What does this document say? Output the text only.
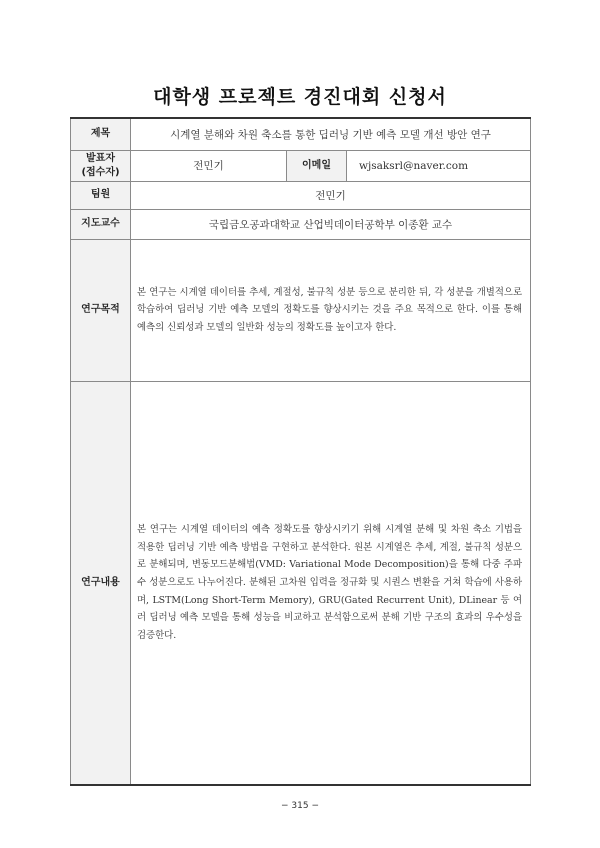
대학생 프로젝트 경진대회 신청서
제목	시계열 분해와 차원 축소를 통한 딥러닝 기반 예측 모델 개선 방안 연구		

발표자
(접수자)	전민기	이메일	wjsaksrl@naver.com
팀원	전민기		
지도교수	국립금오공과대학교 산업빅데이터공학부 이종환 교수		
연구목적	본 연구는 시계열 데이터를 추세, 계절성, 불규칙 성분 등으로 분리한 뒤, 각 성분을 개별적으로 학습하여 딥러닝 기반 예측 모델의 정확도를 향상시키는 것을 주요 목적으로 한다. 이를 통해 예측의 신뢰성과 모델의 일반화 성능의 정확도를 높이고자 한다.		
연구내용	본 연구는 시계열 데이터의 예측 정확도를 향상시키기 위해 시계열 분해 및 차원 축소 기법을 적용한 딥러닝 기반 예측 방법을 구현하고 분석한다. 원본 시계열은 추세, 계절, 불규칙 성분으로 분해되며, 변동모드분해법(VMD: Variational Mode Decomposition)을 통해 다중 주파수 성분으로도 나누어진다. 분해된 고차원 입력을 정규화 및 시퀀스 변환을 거쳐 학습에 사용하며, LSTM(Long Short-Term Memory), GRU(Gated Recurrent Unit), DLinear 등 여러 딥러닝 예측 모델을 통해 성능을 비교하고 분석함으로써 분해 기반 구조의 효과의 우수성을 검증한다.		
− 315 −
